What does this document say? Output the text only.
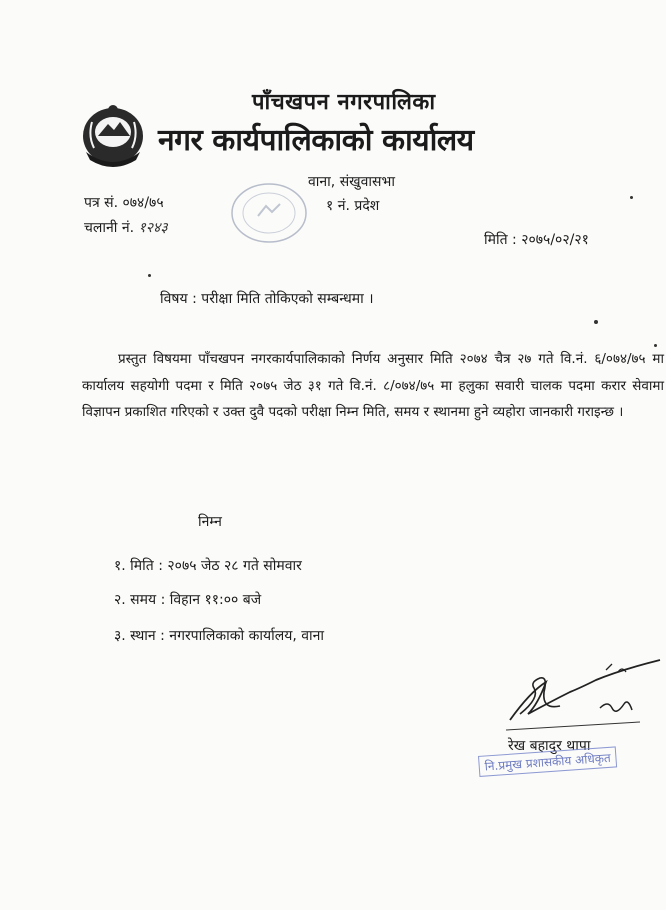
पाँचखपन नगरपालिका
नगर कार्यपालिकाको कार्यालय
वाना, संखुवासभा
१ नं. प्रदेश
पत्र सं. ०७४/७५
चलानी नं. १२४३
मिति : २०७५/०२/२१
विषय : परीक्षा मिति तोकिएको सम्बन्धमा ।
प्रस्तुत विषयमा पाँचखपन नगरकार्यपालिकाको निर्णय अनुसार मिति २०७४ चैत्र २७ गते वि.नं. ६/०७४/७५ मा कार्यालय सहयोगी पदमा र मिति २०७५ जेठ ३१ गते वि.नं. ८/०७४/७५ मा हलुका सवारी चालक पदमा करार सेवामा विज्ञापन प्रकाशित गरिएको र उक्त दुवै पदको परीक्षा निम्न मिति, समय र स्थानमा हुने व्यहोरा जानकारी गराइन्छ ।
निम्न
१. मिति : २०७५ जेठ २८ गते सोमवार
२. समय : विहान ११:०० बजे
३. स्थान : नगरपालिकाको कार्यालय, वाना
रेख बहादुर थापा
नि.प्रमुख प्रशासकीय अधिकृत
